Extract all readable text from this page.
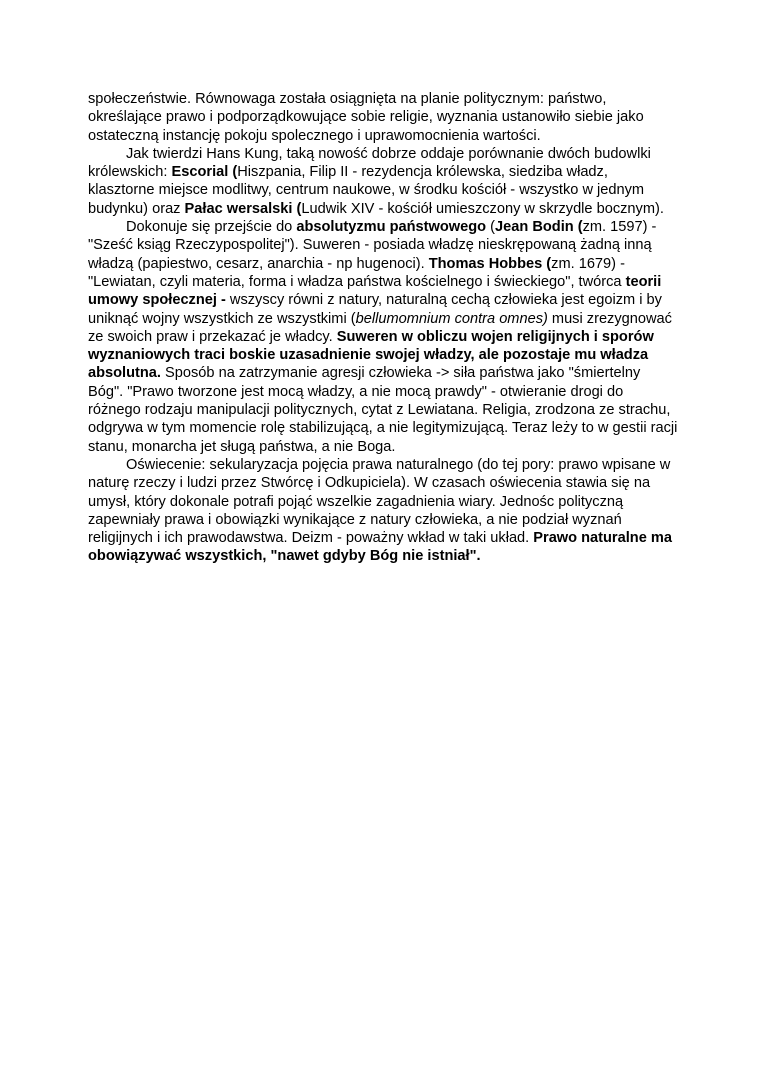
społeczeństwie. Równowaga została osiągnięta na planie politycznym: państwo, określające prawo i podporządkowujące sobie religie, wyznania ustanowiło siebie jako ostateczną instancję pokoju spolecznego i uprawomocnienia wartości.

Jak twierdzi Hans Kung, taką nowość dobrze oddaje porównanie dwóch budowlki królewskich: Escorial (Hiszpania, Filip II - rezydencja królewska, siedziba władz, klasztorne miejsce modlitwy, centrum naukowe, w środku kościół - wszystko w jednym budynku) oraz Pałac wersalski (Ludwik XIV - kościół umieszczony w skrzydle bocznym).

Dokonuje się przejście do absolutyzmu państwowego (Jean Bodin (zm. 1597) - "Sześć ksiąg Rzeczypospolitej"). Suweren - posiada władzę nieskrępowaną żadną inną władzą (papiestwo, cesarz, anarchia - np hugenoci). Thomas Hobbes (zm. 1679) - "Lewiatan, czyli materia, forma i władza państwa kościelnego i świeckiego", twórca teorii umowy społecznej - wszyscy równi z natury, naturalną cechą człowieka jest egoizm i by uniknąć wojny wszystkich ze wszystkimi (bellumomnium contra omnes) musi zrezygnować ze swoich praw i przekazać je władcy. Suweren w obliczu wojen religijnych i sporów wyznaniowych traci boskie uzasadnienie swojej władzy, ale pozostaje mu władza absolutna. Sposób na zatrzymanie agresji człowieka -> siła państwa jako "śmiertelny Bóg". "Prawo tworzone jest mocą władzy, a nie mocą prawdy" - otwieranie drogi do różnego rodzaju manipulacji politycznych, cytat z Lewiatana. Religia, zrodzona ze strachu, odgrywa w tym momencie rolę stabilizującą, a nie legitymizującą. Teraz leży to w gestii racji stanu, monarcha jet sługą państwa, a nie Boga.

Oświecenie: sekularyzacja pojęcia prawa naturalnego (do tej pory: prawo wpisane w naturę rzeczy i ludzi przez Stwórcę i Odkupiciela). W czasach oświecenia stawia się na umysł, który dokonale potrafi pojąć wszelkie zagadnienia wiary. Jednośc polityczną zapewniały prawa i obowiązki wynikające z natury człowieka, a nie podział wyznań religijnych i ich prawodawstwa. Deizm - poważny wkład w taki układ. Prawo naturalne ma obowiązywać wszystkich, "nawet gdyby Bóg nie istniał".
